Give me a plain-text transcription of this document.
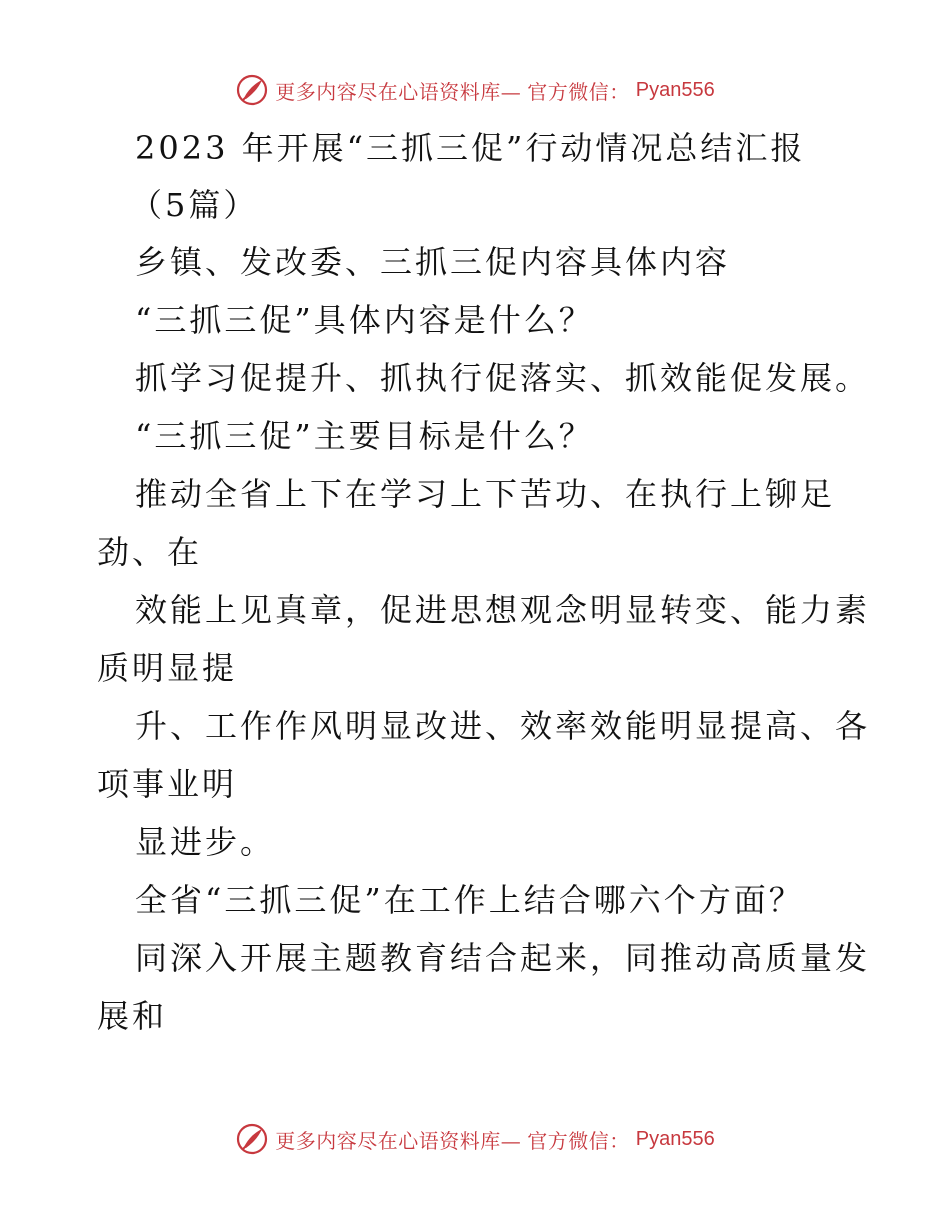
更多内容尽在心语资料库— 官方微信： Pyan556
2023 年开展“三抓三促”行动情况总结汇报
（5篇）
乡镇、发改委、三抓三促内容具体内容
“三抓三促”具体内容是什么？
抓学习促提升、抓执行促落实、抓效能促发展。
“三抓三促”主要目标是什么？
推动全省上下在学习上下苦功、在执行上铆足
劲、在
效能上见真章，促进思想观念明显转变、能力素
质明显提
升、工作作风明显改进、效率效能明显提高、各
项事业明
显进步。
全省“三抓三促”在工作上结合哪六个方面？
同深入开展主题教育结合起来，同推动高质量发
展和
更多内容尽在心语资料库— 官方微信： Pyan556
